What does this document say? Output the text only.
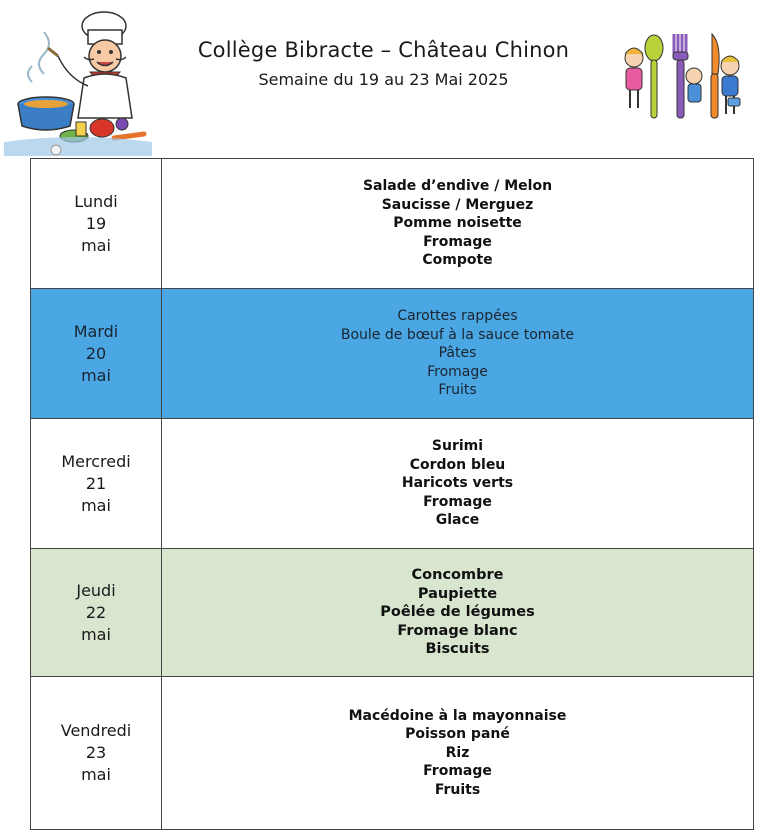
Collège Bibracte – Château Chinon
Semaine du 19 au 23 Mai 2025
Lundi
19
mai
Salade d’endive / Melon
Saucisse / Merguez
Pomme noisette
Fromage
Compote
Mardi
20
mai
Carottes rappées
Boule de bœuf à la sauce tomate
Pâtes
Fromage
Fruits
Mercredi
21
mai
Surimi
Cordon bleu
Haricots verts
Fromage
Glace
Jeudi
22
mai
Concombre
Paupiette
Poêlée de légumes
Fromage blanc
Biscuits
Vendredi
23
mai
Macédoine à la mayonnaise
Poisson pané
Riz
Fromage
Fruits
